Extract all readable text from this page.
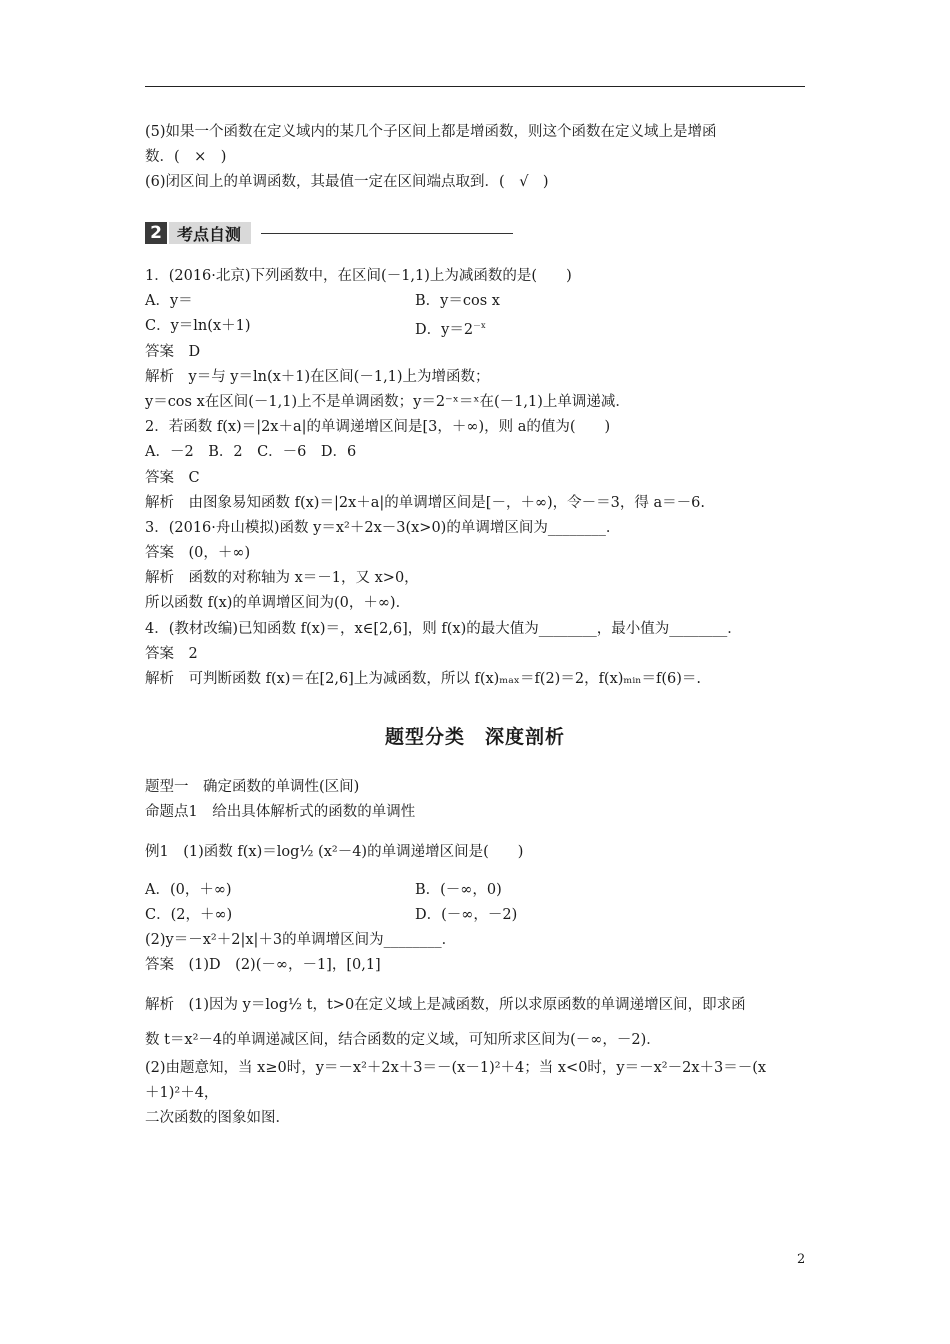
(5)如果一个函数在定义域内的某几个子区间上都是增函数，则这个函数在定义域上是增函
数．(　×　)
(6)闭区间上的单调函数，其最值一定在区间端点取到．(　√　)
2 考点自测
1．(2016·北京)下列函数中，在区间(－1,1)上为减函数的是(　　)
A．y＝	B．y＝cos x
C．y＝ln(x＋1)	D．$y=2^{-x}$
答案　D
解析　y＝与 y＝ln(x＋1)在区间(－1,1)上为增函数；
y＝cos x在区间(－1,1)上不是单调函数；y＝2⁻ˣ＝ˣ在(－1,1)上单调递减．
2．若函数 f(x)＝|2x＋a|的单调递增区间是[3，＋∞)，则 a的值为(　　)
A．－2　B．2　C．－6　D．6
答案　C
解析　由图象易知函数 f(x)＝|2x＋a|的单调增区间是[－，＋∞)，令－＝3，得 a＝－6.
3．(2016·舟山模拟)函数 y＝x²＋2x－3(x>0)的单调增区间为________．
答案　(0，＋∞)
解析　函数的对称轴为 x＝－1，又 x>0，
所以函数 f(x)的单调增区间为(0，＋∞)．
4．(教材改编)已知函数 f(x)＝，x∈[2,6]，则 f(x)的最大值为________，最小值为________．
答案　2
解析　可判断函数 f(x)＝在[2,6]上为减函数，所以 f(x)ₘₐₓ＝f(2)＝2，f(x)ₘᵢₙ＝f(6)＝.
题型分类　深度剖析
题型一　确定函数的单调性(区间)
命题点1　给出具体解析式的函数的单调性
例1　(1)函数 f(x)＝log½ (x²－4)的单调递增区间是(　　)
A．(0，＋∞)	B．(－∞，0)
C．(2，＋∞)	D．(－∞，－2)
(2)y＝－x²＋2|x|＋3的单调增区间为________．
答案　(1)D　(2)(－∞，－1]，[0,1]
解析　(1)因为 y＝log½ t，t>0在定义域上是减函数，所以求原函数的单调递增区间，即求函
数 t＝x²－4的单调递减区间，结合函数的定义域，可知所求区间为(－∞，－2)．
(2)由题意知，当 x≥0时，y＝－x²＋2x＋3＝－(x－1)²＋4；当 x<0时，y＝－x²－2x＋3＝－(x
＋1)²＋4，
二次函数的图象如图．
2
